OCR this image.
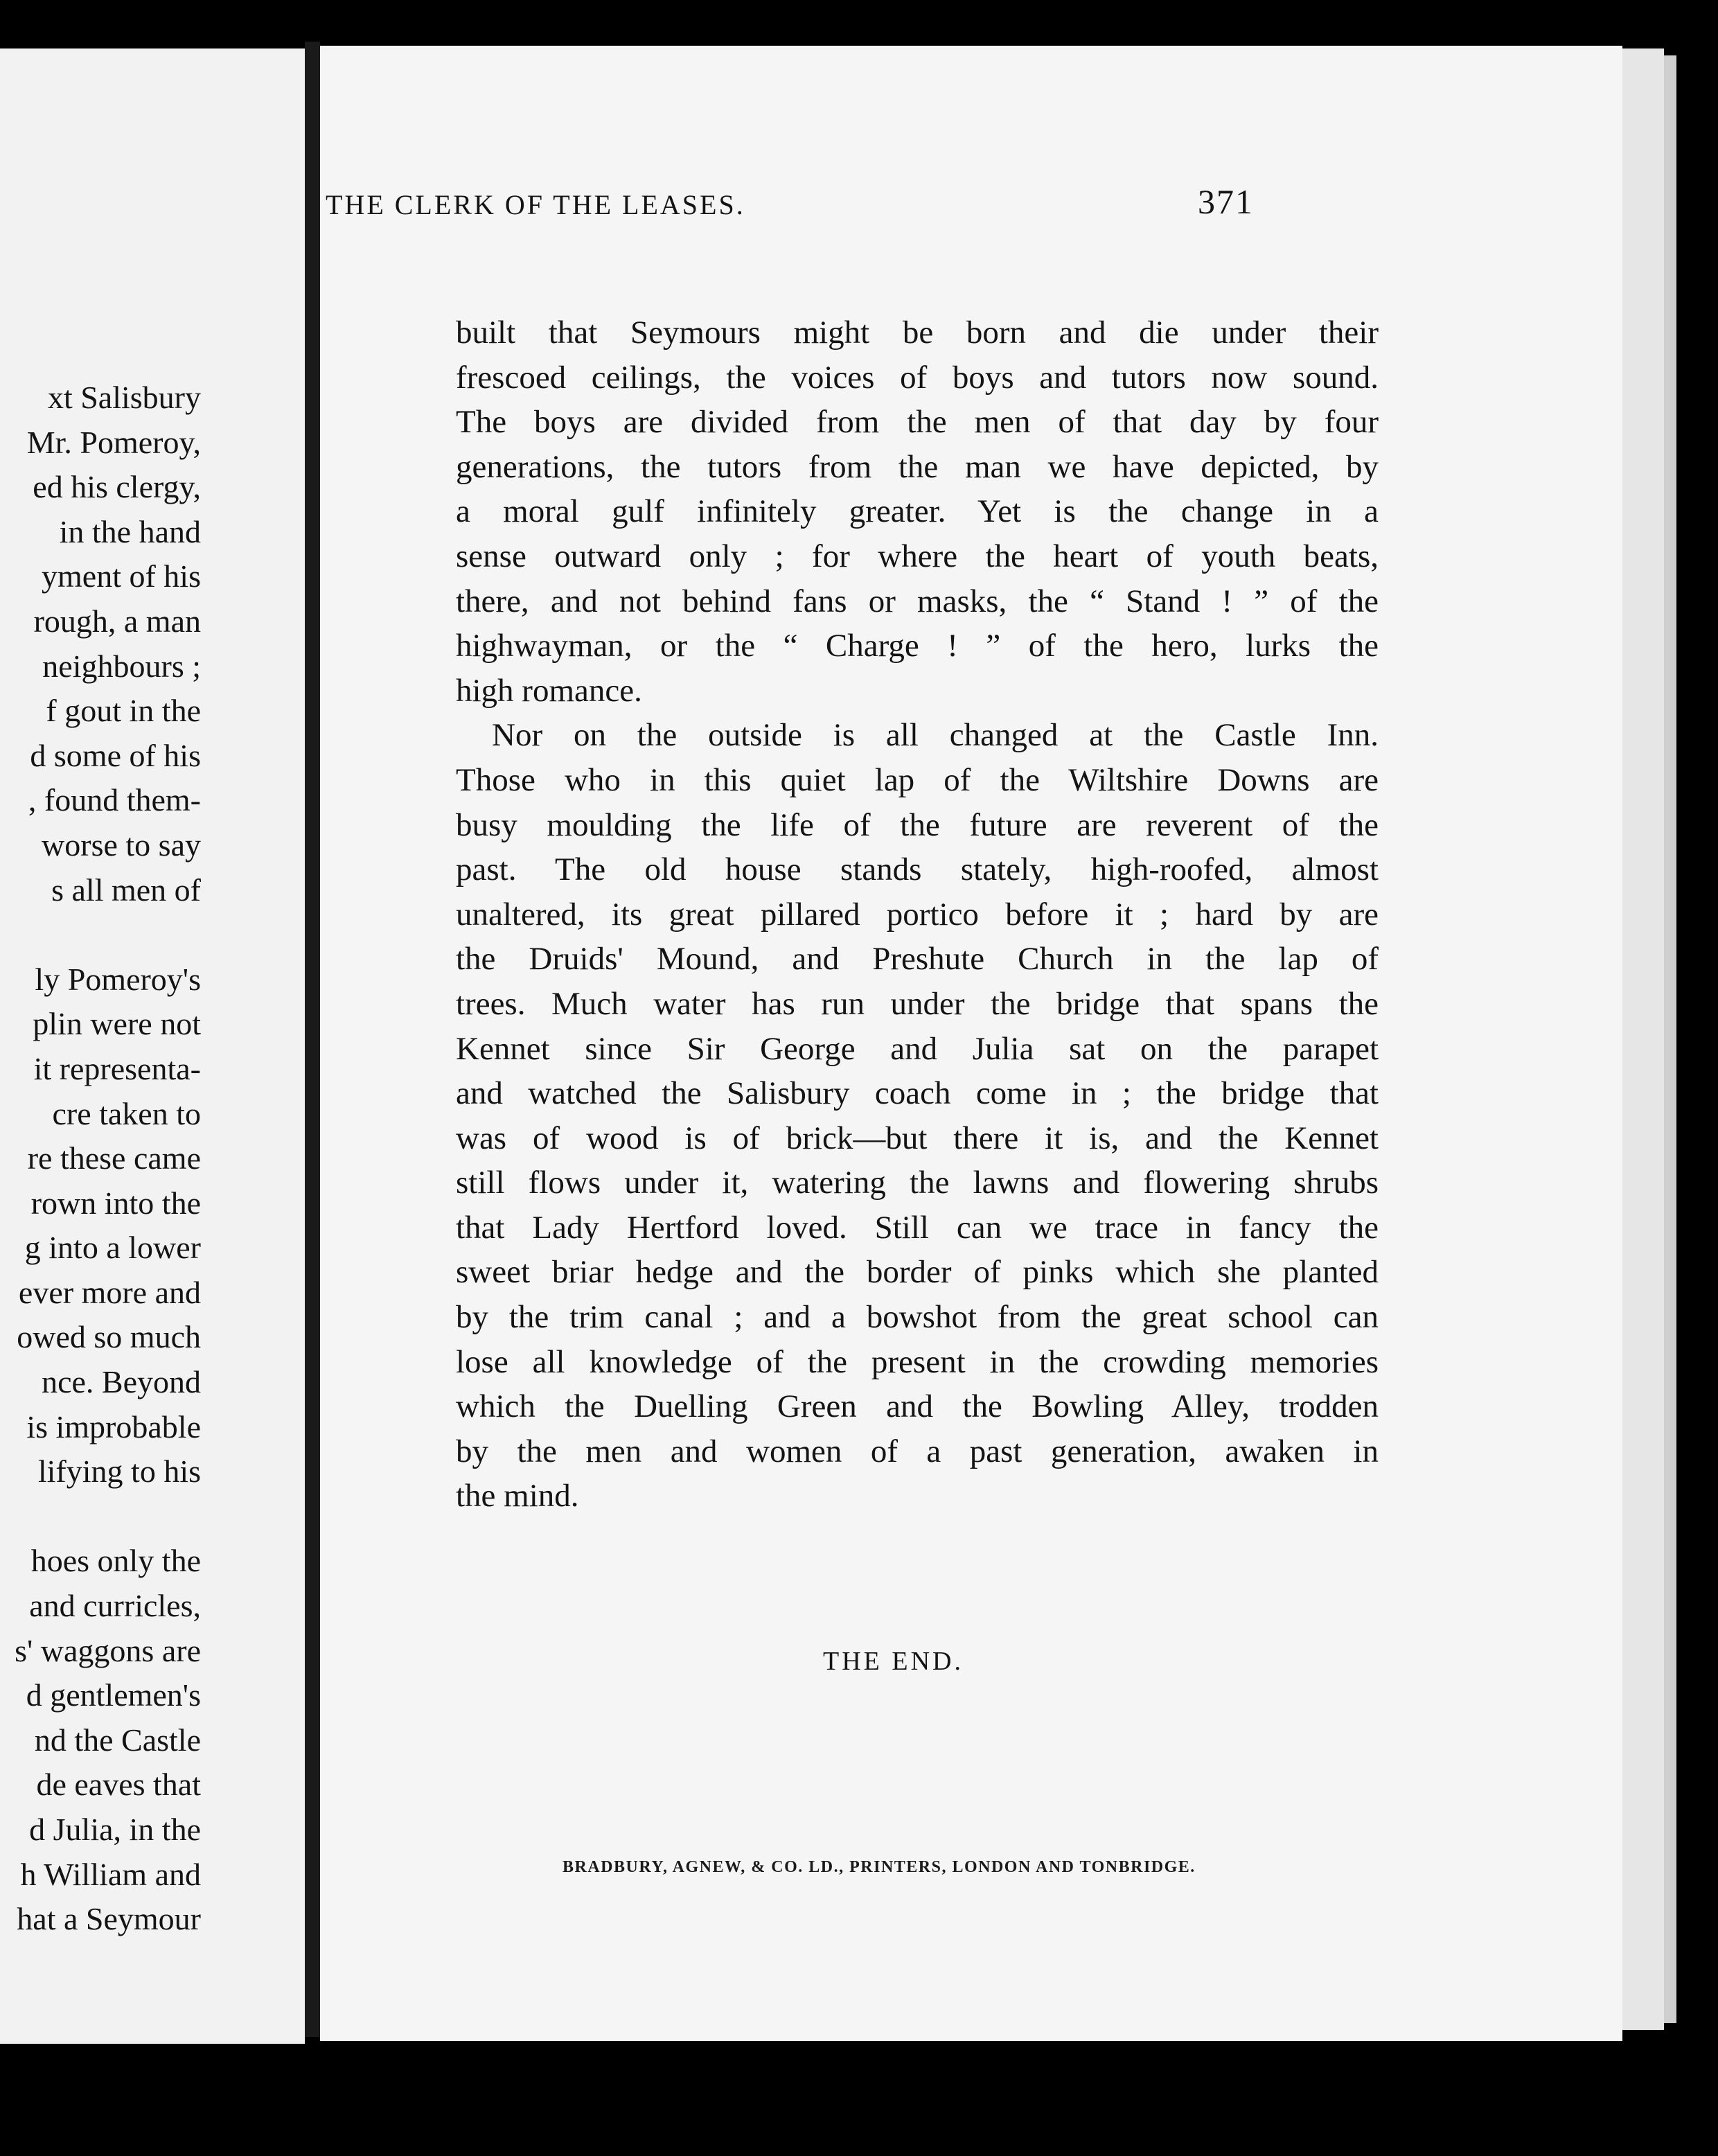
xt Salisbury
Mr. Pomeroy,
ed his clergy,
in the hand
yment of his
rough, a man
neighbours ;
f gout in the
d some of his
, found them-
worse to say
s all men of
ly Pomeroy's
plin were not
it representa-
cre taken to
re these came
rown into the
g into a lower
ever more and
owed so much
nce. Beyond
is improbable
lifying to his
hoes only the
and curricles,
s' waggons are
d gentlemen's
nd the Castle
de eaves that
d Julia, in the
h William and
hat a Seymour
THE CLERK OF THE LEASES.	371
built that Seymours might be born and die under their
frescoed ceilings, the voices of boys and tutors now sound.
The boys are divided from the men of that day by four
generations, the tutors from the man we have depicted, by
a moral gulf infinitely greater. Yet is the change in a
sense outward only ; for where the heart of youth beats,
there, and not behind fans or masks, the “ Stand ! ” of the
highwayman, or the “ Charge ! ” of the hero, lurks the
high romance.
Nor on the outside is all changed at the Castle Inn.
Those who in this quiet lap of the Wiltshire Downs are
busy moulding the life of the future are reverent of the
past. The old house stands stately, high-roofed, almost
unaltered, its great pillared portico before it ; hard by are
the Druids' Mound, and Preshute Church in the lap of
trees. Much water has run under the bridge that spans the
Kennet since Sir George and Julia sat on the parapet
and watched the Salisbury coach come in ; the bridge that
was of wood is of brick—but there it is, and the Kennet
still flows under it, watering the lawns and flowering shrubs
that Lady Hertford loved. Still can we trace in fancy the
sweet briar hedge and the border of pinks which she planted
by the trim canal ; and a bowshot from the great school can
lose all knowledge of the present in the crowding memories
which the Duelling Green and the Bowling Alley, trodden
by the men and women of a past generation, awaken in
the mind.
THE END.
BRADBURY, AGNEW, & CO. LD., PRINTERS, LONDON AND TONBRIDGE.
